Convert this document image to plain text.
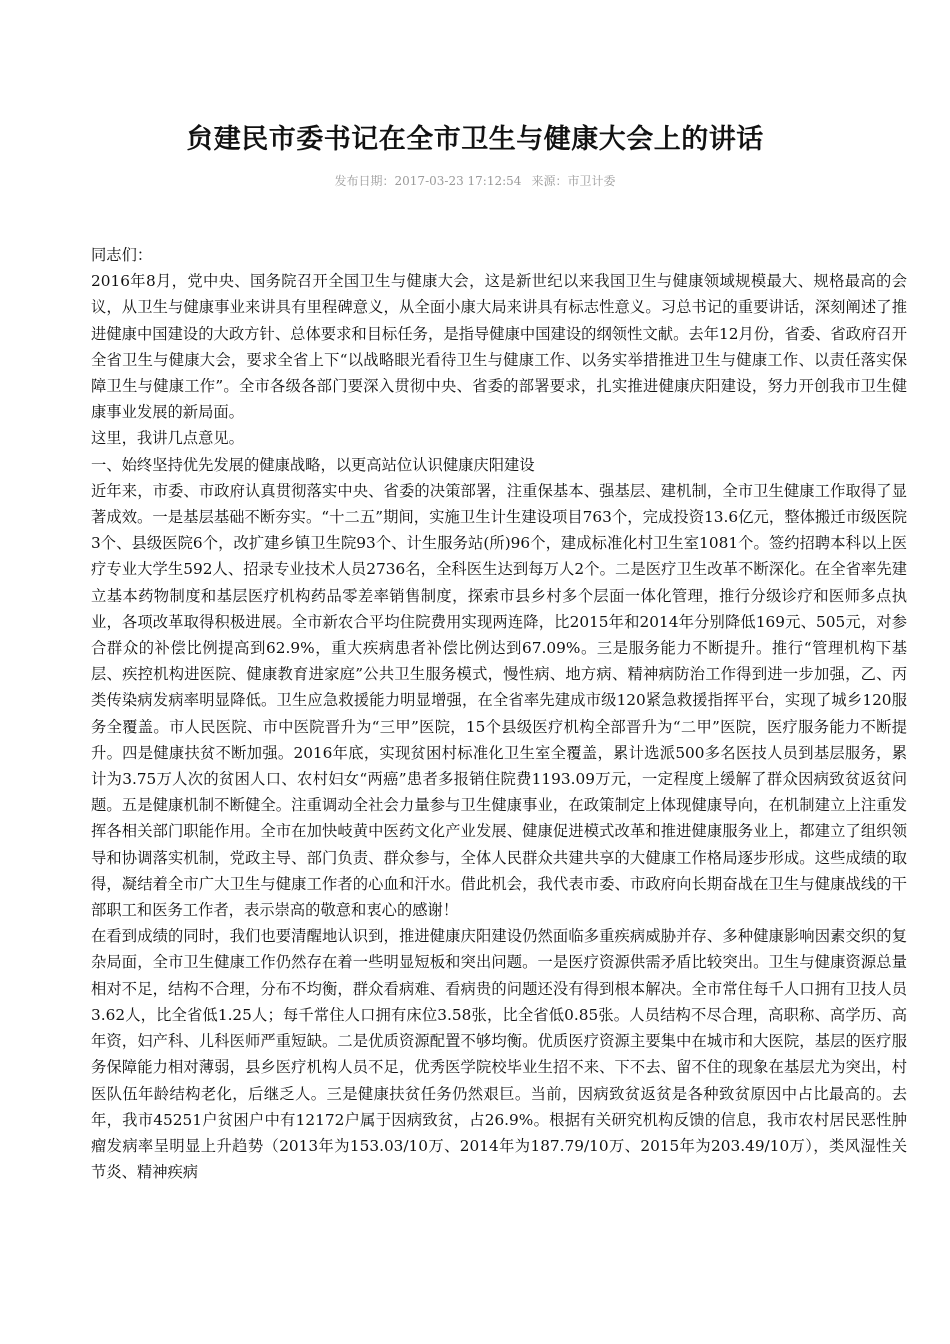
贠建民市委书记在全市卫生与健康大会上的讲话
发布日期：2017-03-23 17:12:54 来源：市卫计委

同志们：

2016年8月，党中央、国务院召开全国卫生与健康大会，这是新世纪以来我国卫生与健康领域规模最大、规格最高的会议，从卫生与健康事业来讲具有里程碑意义，从全面小康大局来讲具有标志性意义。习总书记的重要讲话，深刻阐述了推进健康中国建设的大政方针、总体要求和目标任务，是指导健康中国建设的纲领性文献。去年12月份，省委、省政府召开全省卫生与健康大会，要求全省上下“以战略眼光看待卫生与健康工作、以务实举措推进卫生与健康工作、以责任落实保障卫生与健康工作”。全市各级各部门要深入贯彻中央、省委的部署要求，扎实推进健康庆阳建设，努力开创我市卫生健康事业发展的新局面。

这里，我讲几点意见。

一、始终坚持优先发展的健康战略，以更高站位认识健康庆阳建设

近年来，市委、市政府认真贯彻落实中央、省委的决策部署，注重保基本、强基层、建机制，全市卫生健康工作取得了显著成效。一是基层基础不断夯实。“十二五”期间，实施卫生计生建设项目763个，完成投资13.6亿元，整体搬迁市级医院3个、县级医院6个，改扩建乡镇卫生院93个、计生服务站(所)96个，建成标准化村卫生室1081个。签约招聘本科以上医疗专业大学生592人、招录专业技术人员2736名，全科医生达到每万人2个。二是医疗卫生改革不断深化。在全省率先建立基本药物制度和基层医疗机构药品零差率销售制度，探索市县乡村多个层面一体化管理，推行分级诊疗和医师多点执业，各项改革取得积极进展。全市新农合平均住院费用实现两连降，比2015年和2014年分别降低169元、505元，对参合群众的补偿比例提高到62.9%，重大疾病患者补偿比例达到67.09%。三是服务能力不断提升。推行“管理机构下基层、疾控机构进医院、健康教育进家庭”公共卫生服务模式，慢性病、地方病、精神病防治工作得到进一步加强，乙、丙类传染病发病率明显降低。卫生应急救援能力明显增强，在全省率先建成市级120紧急救援指挥平台，实现了城乡120服务全覆盖。市人民医院、市中医院晋升为“三甲”医院，15个县级医疗机构全部晋升为“二甲”医院，医疗服务能力不断提升。四是健康扶贫不断加强。2016年底，实现贫困村标准化卫生室全覆盖，累计选派500多名医技人员到基层服务，累计为3.75万人次的贫困人口、农村妇女“两癌”患者多报销住院费1193.09万元，一定程度上缓解了群众因病致贫返贫问题。五是健康机制不断健全。注重调动全社会力量参与卫生健康事业，在政策制定上体现健康导向，在机制建立上注重发挥各相关部门职能作用。全市在加快岐黄中医药文化产业发展、健康促进模式改革和推进健康服务业上，都建立了组织领导和协调落实机制，党政主导、部门负责、群众参与，全体人民群众共建共享的大健康工作格局逐步形成。这些成绩的取得，凝结着全市广大卫生与健康工作者的心血和汗水。借此机会，我代表市委、市政府向长期奋战在卫生与健康战线的干部职工和医务工作者，表示崇高的敬意和衷心的感谢！

在看到成绩的同时，我们也要清醒地认识到，推进健康庆阳建设仍然面临多重疾病威胁并存、多种健康影响因素交织的复杂局面，全市卫生健康工作仍然存在着一些明显短板和突出问题。一是医疗资源供需矛盾比较突出。卫生与健康资源总量相对不足，结构不合理，分布不均衡，群众看病难、看病贵的问题还没有得到根本解决。全市常住每千人口拥有卫技人员3.62人，比全省低1.25人；每千常住人口拥有床位3.58张，比全省低0.85张。人员结构不尽合理，高职称、高学历、高年资，妇产科、儿科医师严重短缺。二是优质资源配置不够均衡。优质医疗资源主要集中在城市和大医院，基层的医疗服务保障能力相对薄弱，县乡医疗机构人员不足，优秀医学院校毕业生招不来、下不去、留不住的现象在基层尤为突出，村医队伍年龄结构老化，后继乏人。三是健康扶贫任务仍然艰巨。当前，因病致贫返贫是各种致贫原因中占比最高的。去年，我市45251户贫困户中有12172户属于因病致贫，占26.9%。根据有关研究机构反馈的信息，我市农村居民恶性肿瘤发病率呈明显上升趋势（2013年为153.03/10万、2014年为187.79/10万、2015年为203.49/10万），类风湿性关节炎、精神疾病
